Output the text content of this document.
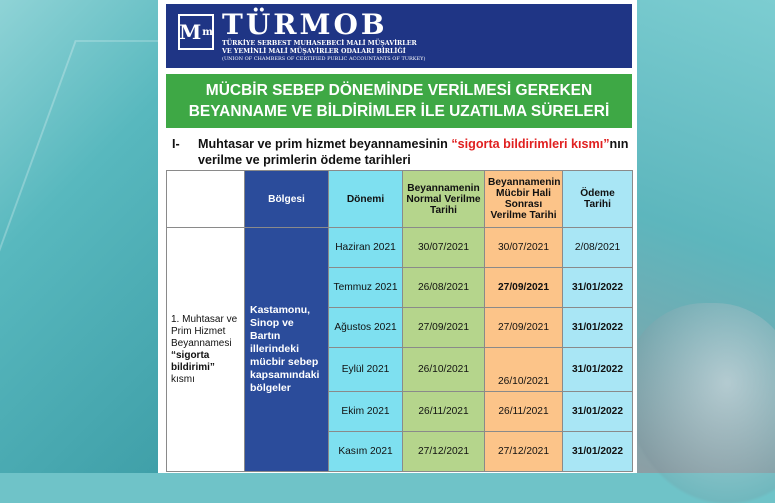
M m TÜRMOB
TÜRKİYE SERBEST MUHASEBECİ MALİ MÜŞAVİRLER
VE YEMİNLİ MALİ MÜŞAVİRLER ODALARI BİRLİĞİ
(UNION OF CHAMBERS OF CERTIFIED PUBLIC ACCOUNTANTS OF TURKEY)
MÜCBİR SEBEP DÖNEMİNDE VERİLMESİ GEREKEN
BEYANNAME VE BİLDİRİMLER İLE UZATILMA SÜRELERİ
I- Muhtasar ve prim hizmet beyannamesinin “sigorta bildirimleri kısmı”nın verilme ve primlerin ödeme tarihleri
	Bölgesi	Dönemi	Beyannamenin Normal Verilme Tarihi	Beyannamenin Mücbir Hali Sonrası Verilme Tarihi	Ödeme Tarihi
1. Muhtasar ve Prim Hizmet Beyannamesi “sigorta bildirimi” kısmı	Kastamonu, Sinop ve Bartın illerindeki mücbir sebep kapsamındaki bölgeler	Haziran 2021	30/07/2021	30/07/2021	2/08/2021
		Temmuz 2021	26/08/2021	27/09/2021	31/01/2022
		Ağustos 2021	27/09/2021	27/09/2021	31/01/2022
		Eylül 2021	26/10/2021	26/10/2021	31/01/2022
		Ekim 2021	26/11/2021	26/11/2021	31/01/2022
		Kasım 2021	27/12/2021	27/12/2021	31/01/2022
